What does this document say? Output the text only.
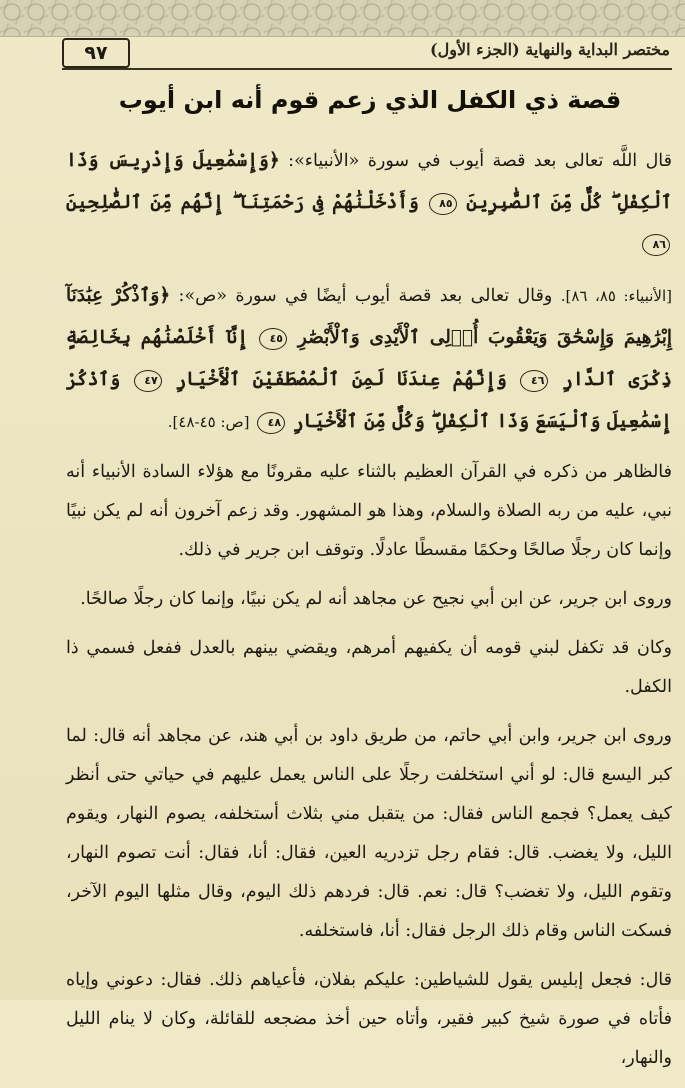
٩٧	مختصر البداية والنهاية (الجزء الأول)
قصة ذي الكفل الذي زعم قوم أنه ابن أيوب

قال اللَّه تعالى بعد قصة أيوب في سورة «الأنبياء»: ﴿وَإِسْمَٰعِيلَ وَإِدْرِيسَ وَذَا ٱلْكِفْلِ ۖ كُلٌّ مِّنَ ٱلصَّٰبِرِينَ ٨٥ وَأَدْخَلْنَٰهُمْ فِى رَحْمَتِنَآ ۖ إِنَّهُم مِّنَ ٱلصَّٰلِحِينَ ٨٦

[الأنبياء: ٨٥، ٨٦]. وقال تعالى بعد قصة أيوب أيضًا في سورة «ص»: ﴿وَٱذْكُرْ عِبَٰدَنَآ إِبْرَٰهِيمَ وَإِسْحَٰقَ وَيَعْقُوبَ أُو۟لِى ٱلْأَيْدِى وَٱلْأَبْصَٰرِ ٤٥ إِنَّآ أَخْلَصْنَٰهُم بِخَالِصَةٍ ذِكْرَى ٱلدَّارِ ٤٦ وَإِنَّهُمْ عِندَنَا لَمِنَ ٱلْمُصْطَفَيْنَ ٱلْأَخْيَارِ ٤٧ وَٱذْكُرْ إِسْمَٰعِيلَ وَٱلْيَسَعَ وَذَا ٱلْكِفْلِ ۖ وَكُلٌّ مِّنَ ٱلْأَخْيَارِ ٤٨ [ص: ٤٥-٤٨].

فالظاهر من ذكره في القرآن العظيم بالثناء عليه مقرونًا مع هؤلاء السادة الأنبياء أنه نبي، عليه من ربه الصلاة والسلام، وهذا هو المشهور. وقد زعم آخرون أنه لم يكن نبيًا وإنما كان رجلًا صالحًا وحكمًا مقسطًا عادلًا. وتوقف ابن جرير في ذلك.

وروى ابن جرير، عن ابن أبي نجيح عن مجاهد أنه لم يكن نبيًا، وإنما كان رجلًا صالحًا.

وكان قد تكفل لبني قومه أن يكفيهم أمرهم، ويقضي بينهم بالعدل ففعل فسمي ذا الكفل.

وروى ابن جرير، وابن أبي حاتم، من طريق داود بن أبي هند، عن مجاهد أنه قال: لما كبر اليسع قال: لو أني استخلفت رجلًا على الناس يعمل عليهم في حياتي حتى أنظر كيف يعمل؟ فجمع الناس فقال: من يتقبل مني بثلاث أستخلفه، يصوم النهار، ويقوم الليل، ولا يغضب. قال: فقام رجل تزدريه العين، فقال: أنا، فقال: أنت تصوم النهار، وتقوم الليل، ولا تغضب؟ قال: نعم. قال: فردهم ذلك اليوم، وقال مثلها اليوم الآخر، فسكت الناس وقام ذلك الرجل فقال: أنا، فاستخلفه.

قال: فجعل إبليس يقول للشياطين: عليكم بفلان، فأعياهم ذلك. فقال: دعوني وإياه فأتاه في صورة شيخ كبير فقير، وأتاه حين أخذ مضجعه للقائلة، وكان لا ينام الليل والنهار،
